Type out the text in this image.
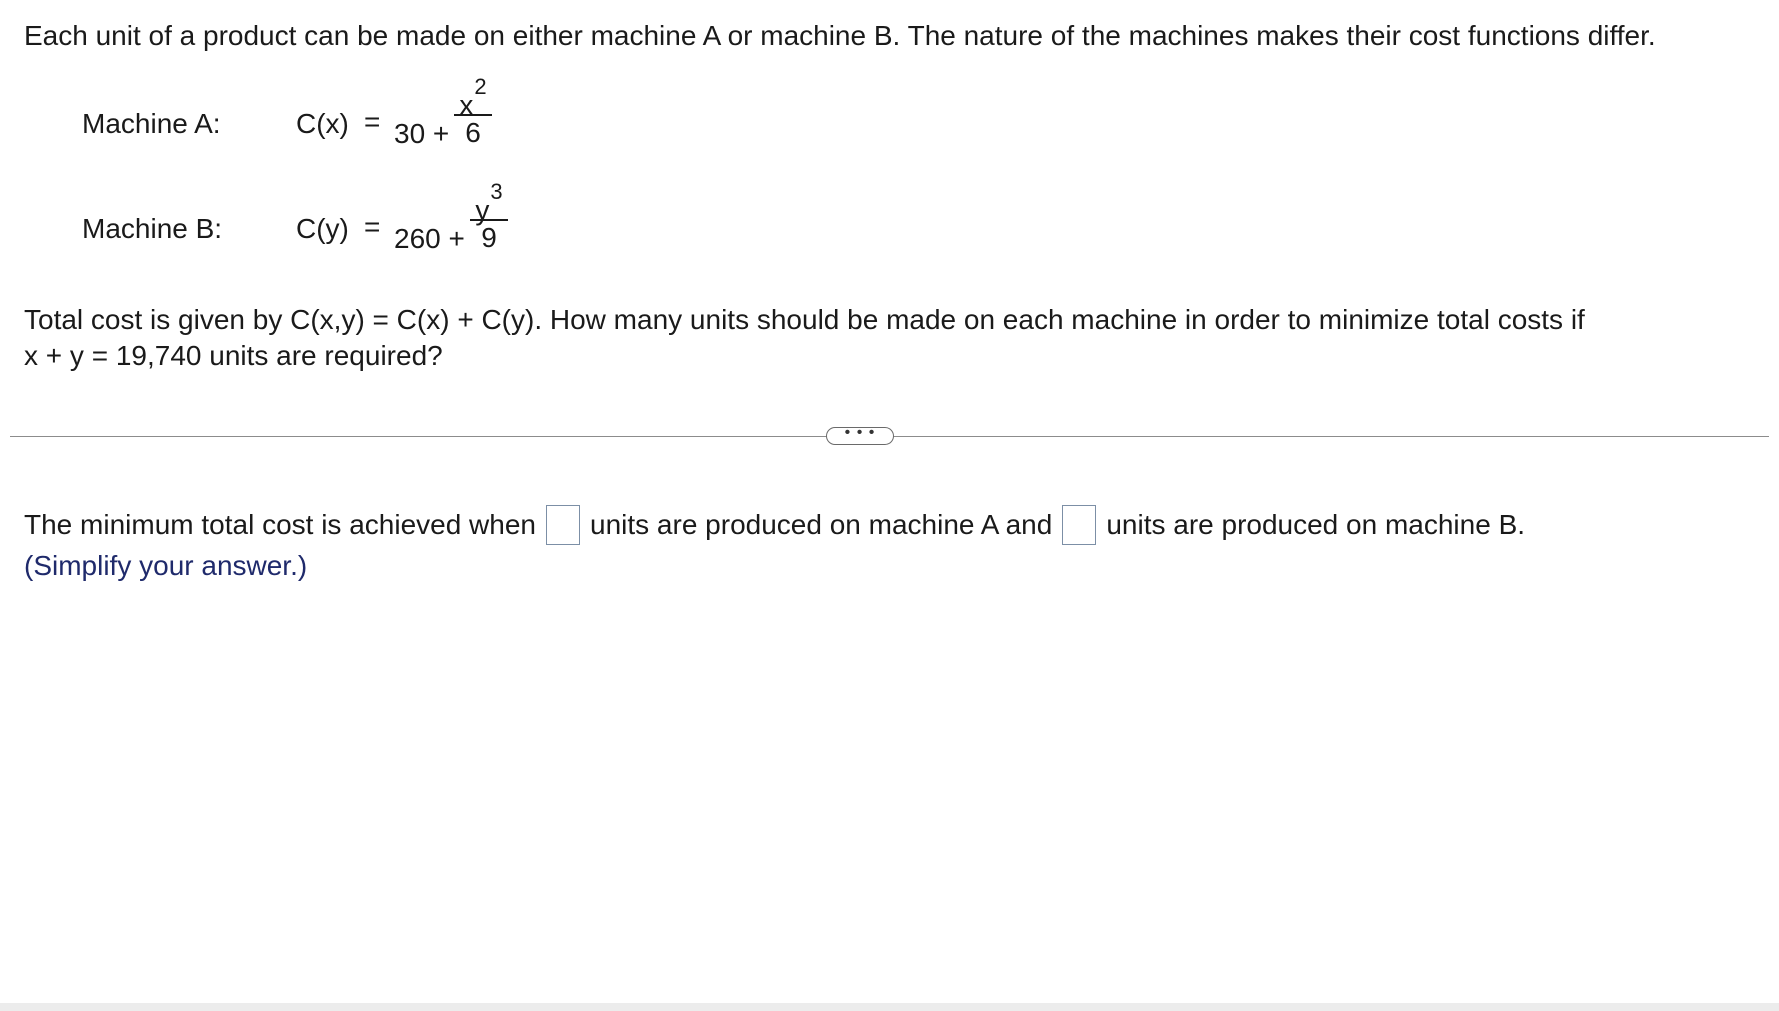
Each unit of a product can be made on either machine A or machine B. The nature of the machines makes their cost functions differ.
Machine A:	C(x) = 30 +
$x^2$
6
Machine B:	C(y) = 260 +
$y^3$
9
Total cost is given by C(x,y) = C(x) + C(y). How many units should be made on each machine in order to minimize total costs if
x + y = 19,740 units are required?
• • •
The minimum total cost is achieved when units are produced on machine A and units are produced on machine B.
(Simplify your answer.)
